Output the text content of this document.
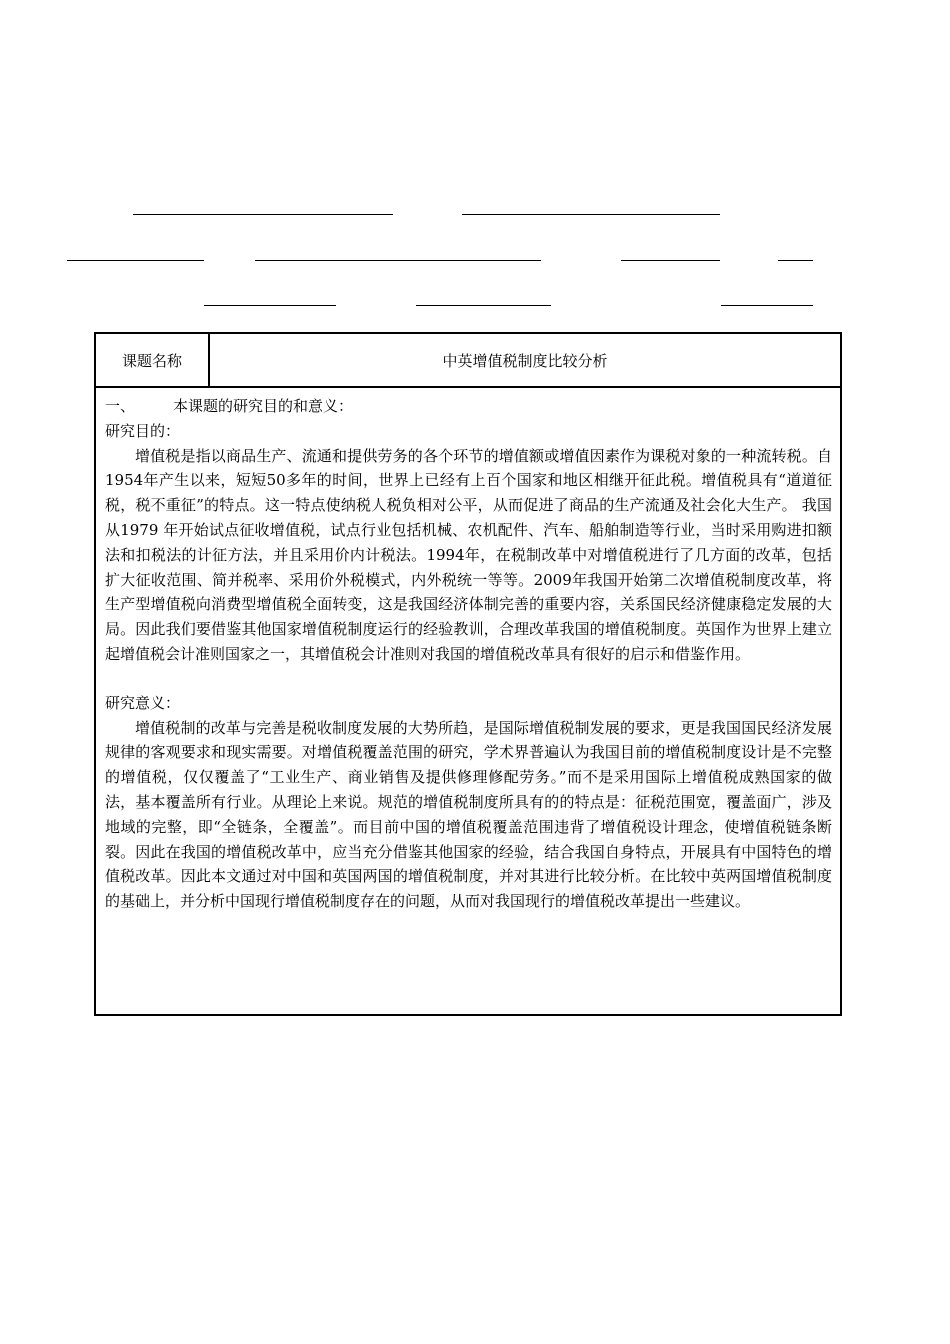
课题名称	中英增值税制度比较分析

一、	本课题的研究目的和意义：

研究目的：

增值税是指以商品生产、流通和提供劳务的各个环节的增值额或增值因素作为课税对象的一种流转税。自1954年产生以来，短短50多年的时间，世界上已经有上百个国家和地区相继开征此税。增值税具有“道道征税，税不重征”的特点。这一特点使纳税人税负相对公平，从而促进了商品的生产流通及社会化大生产。 我国从1979 年开始试点征收增值税，试点行业包括机械、农机配件、汽车、船舶制造等行业，当时采用购进扣额法和扣税法的计征方法，并且采用价内计税法。1994年，在税制改革中对增值税进行了几方面的改革，包括扩大征收范围、简并税率、采用价外税模式，内外税统一等等。2009年我国开始第二次增值税制度改革，将生产型增值税向消费型增值税全面转变，这是我国经济体制完善的重要内容，关系国民经济健康稳定发展的大局。因此我们要借鉴其他国家增值税制度运行的经验教训，合理改革我国的增值税制度。英国作为世界上建立起增值税会计准则国家之一，其增值税会计准则对我国的增值税改革具有很好的启示和借鉴作用。

研究意义：

增值税制的改革与完善是税收制度发展的大势所趋，是国际增值税制发展的要求，更是我国国民经济发展规律的客观要求和现实需要。对增值税覆盖范围的研究，学术界普遍认为我国目前的增值税制度设计是不完整的增值税，仅仅覆盖了“工业生产、商业销售及提供修理修配劳务。”而不是采用国际上增值税成熟国家的做法，基本覆盖所有行业。从理论上来说。规范的增值税制度所具有的的特点是：征税范围宽，覆盖面广，涉及地域的完整，即“全链条，全覆盖”。而目前中国的增值税覆盖范围违背了增值税设计理念，使增值税链条断裂。因此在我国的增值税改革中，应当充分借鉴其他国家的经验，结合我国自身特点，开展具有中国特色的增值税改革。因此本文通过对中国和英国两国的增值税制度，并对其进行比较分析。在比较中英两国增值税制度的基础上，并分析中国现行增值税制度存在的问题，从而对我国现行的增值税改革提出一些建议。
